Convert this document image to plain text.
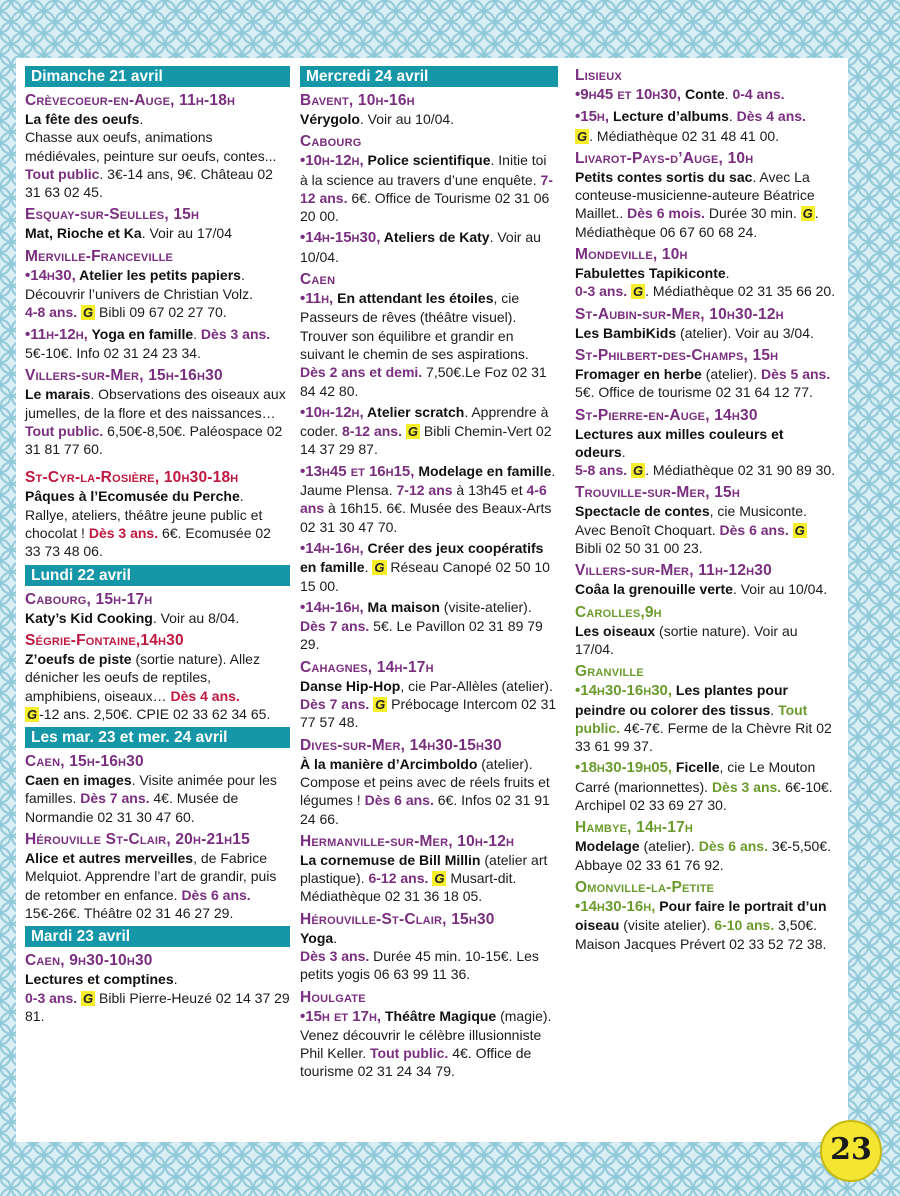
Dimanche 21 avril
Crèvecoeur-en-Auge, 11h-18h
La fête des oeufs.
Chasse aux oeufs, animations médiévales, peinture sur oeufs, contes... Tout public. 3€-14 ans, 9€. Château 02 31 63 02 45.
Esquay-sur-Seulles, 15h
Mat, Rioche et Ka. Voir au 17/04
Merville-Franceville
•14h30, Atelier les petits papiers. Découvrir l’univers de Christian Volz.
4-8 ans. G Bibli 09 67 02 27 70.
•11h-12h, Yoga en famille. Dès 3 ans. 5€-10€. Info 02 31 24 23 34.
Villers-sur-Mer, 15h-16h30
Le marais. Observations des oiseaux aux jumelles, de la flore et des naissances… Tout public. 6,50€-8,50€. Paléospace 02 31 81 77 60.
St-Cyr-la-Rosière, 10h30-18h
Pâques à l’Ecomusée du Perche. Rallye, ateliers, théâtre jeune public et chocolat ! Dès 3 ans. 6€. Ecomusée 02 33 73 48 06.
Lundi 22 avril
Cabourg, 15h-17h
Katy’s Kid Cooking. Voir au 8/04.
Ségrie-Fontaine,14h30
Z’oeufs de piste (sortie nature). Allez dénicher les oeufs de reptiles, amphibiens, oiseaux… Dès 4 ans.
G -12 ans. 2,50€. CPIE 02 33 62 34 65.
Les mar. 23 et mer. 24 avril
Caen, 15h-16h30
Caen en images. Visite animée pour les familles. Dès 7 ans. 4€. Musée de Normandie 02 31 30 47 60.
Hérouville St-Clair, 20h-21h15
Alice et autres merveilles, de Fabrice Melquiot. Apprendre l’art de grandir, puis de retomber en enfance. Dès 6 ans. 15€-26€. Théâtre 02 31 46 27 29.
Mardi 23 avril
Caen, 9h30-10h30
Lectures et comptines.
0-3 ans. G Bibli Pierre-Heuzé 02 14 37 29 81.
Mercredi 24 avril
Bavent, 10h-16h
Vérygolo. Voir au 10/04.
Cabourg
•10h-12h, Police scientifique. Initie toi à la science au travers d’une enquête. 7-12 ans. 6€. Office de Tourisme 02 31 06 20 00.
•14h-15h30, Ateliers de Katy. Voir au 10/04.
Caen
•11h, En attendant les étoiles, cie Passeurs de rêves (théâtre visuel). Trouver son équilibre et grandir en suivant le chemin de ses aspirations. Dès 2 ans et demi. 7,50€.Le Foz 02 31 84 42 80.
•10h-12h, Atelier scratch. Apprendre à coder. 8-12 ans. G Bibli Chemin-Vert 02 14 37 29 87.
•13h45 et 16h15, Modelage en famille. Jaume Plensa. 7-12 ans à 13h45 et 4-6 ans à 16h15. 6€. Musée des Beaux-Arts 02 31 30 47 70.
•14h-16h, Créer des jeux coopératifs en famille. G Réseau Canopé 02 50 10 15 00.
•14h-16h, Ma maison (visite-atelier). Dès 7 ans. 5€. Le Pavillon 02 31 89 79 29.
Cahagnes, 14h-17h
Danse Hip-Hop, cie Par-Allèles (atelier). Dès 7 ans. G Prébocage Intercom 02 31 77 57 48.
Dives-sur-Mer, 14h30-15h30
À la manière d’Arcimboldo (atelier). Compose et peins avec de réels fruits et légumes ! Dès 6 ans. 6€. Infos 02 31 91 24 66.
Hermanville-sur-Mer, 10h-12h
La cornemuse de Bill Millin (atelier art plastique). 6-12 ans. G Musart-dit. Médiathèque 02 31 36 18 05.
Hérouville-St-Clair, 15h30
Yoga.
Dès 3 ans. Durée 45 min. 10-15€. Les petits yogis 06 63 99 11 36.
Houlgate
•15h et 17h, Théâtre Magique (magie). Venez découvrir le célèbre illusionniste Phil Keller. Tout public. 4€. Office de tourisme 02 31 24 34 79.
Lisieux
•9h45 et 10h30, Conte. 0-4 ans.
•15h, Lecture d’albums. Dès 4 ans.
G . Médiathèque 02 31 48 41 00.
Livarot-Pays-d’Auge, 10h
Petits contes sortis du sac. Avec La conteuse-musicienne-auteure Béatrice Maillet.. Dès 6 mois. Durée 30 min. G . Médiathèque 06 67 60 68 24.
Mondeville, 10h
Fabulettes Tapikiconte.
0-3 ans. G . Médiathèque 02 31 35 66 20.
St-Aubin-sur-Mer, 10h30-12h
Les BambiKids (atelier). Voir au 3/04.
St-Philbert-des-Champs, 15h
Fromager en herbe (atelier). Dès 5 ans. 5€. Office de tourisme 02 31 64 12 77.
St-Pierre-en-Auge, 14h30
Lectures aux milles couleurs et odeurs.
5-8 ans. G . Médiathèque 02 31 90 89 30.
Trouville-sur-Mer, 15h
Spectacle de contes, cie Musiconte. Avec Benoît Choquart. Dès 6 ans. G Bibli 02 50 31 00 23.
Villers-sur-Mer, 11h-12h30
Coâa la grenouille verte. Voir au 10/04.
Carolles,9h
Les oiseaux (sortie nature). Voir au 17/04.
Granville
•14h30-16h30, Les plantes pour peindre ou colorer des tissus. Tout public. 4€-7€. Ferme de la Chèvre Rit 02 33 61 99 37.
•18h30-19h05, Ficelle, cie Le Mouton Carré (marionnettes). Dès 3 ans. 6€-10€. Archipel 02 33 69 27 30.
Hambye, 14h-17h
Modelage (atelier). Dès 6 ans. 3€-5,50€. Abbaye 02 33 61 76 92.
Omonville-la-Petite
•14h30-16h, Pour faire le portrait d’un oiseau (visite atelier). 6-10 ans. 3,50€. Maison Jacques Prévert 02 33 52 72 38.
23
